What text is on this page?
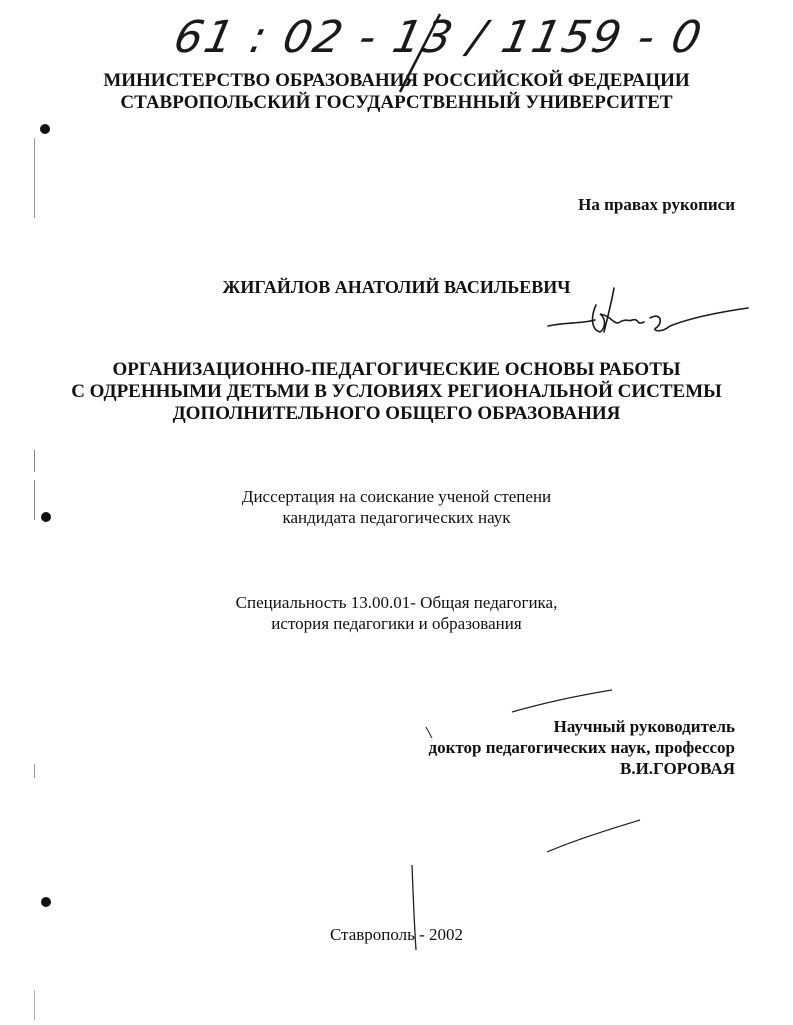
61 : 02 - 13 / 1159 - 0
МИНИСТЕРСТВО ОБРАЗОВАНИЯ РОССИЙСКОЙ ФЕДЕРАЦИИ
СТАВРОПОЛЬСКИЙ ГОСУДАРСТВЕННЫЙ УНИВЕРСИТЕТ
На правах рукописи
ЖИГАЙЛОВ АНАТОЛИЙ ВАСИЛЬЕВИЧ
ОРГАНИЗАЦИОННО-ПЕДАГОГИЧЕСКИЕ ОСНОВЫ РАБОТЫ
С ОДРЕННЫМИ ДЕТЬМИ В УСЛОВИЯХ РЕГИОНАЛЬНОЙ СИСТЕМЫ
ДОПОЛНИТЕЛЬНОГО ОБЩЕГО ОБРАЗОВАНИЯ
Диссертация на соискание ученой степени
кандидата педагогических наук
Специальность 13.00.01- Общая педагогика,
история педагогики и образования
Научный руководитель
доктор педагогических наук, профессор
В.И.ГОРОВАЯ
Ставрополь - 2002
